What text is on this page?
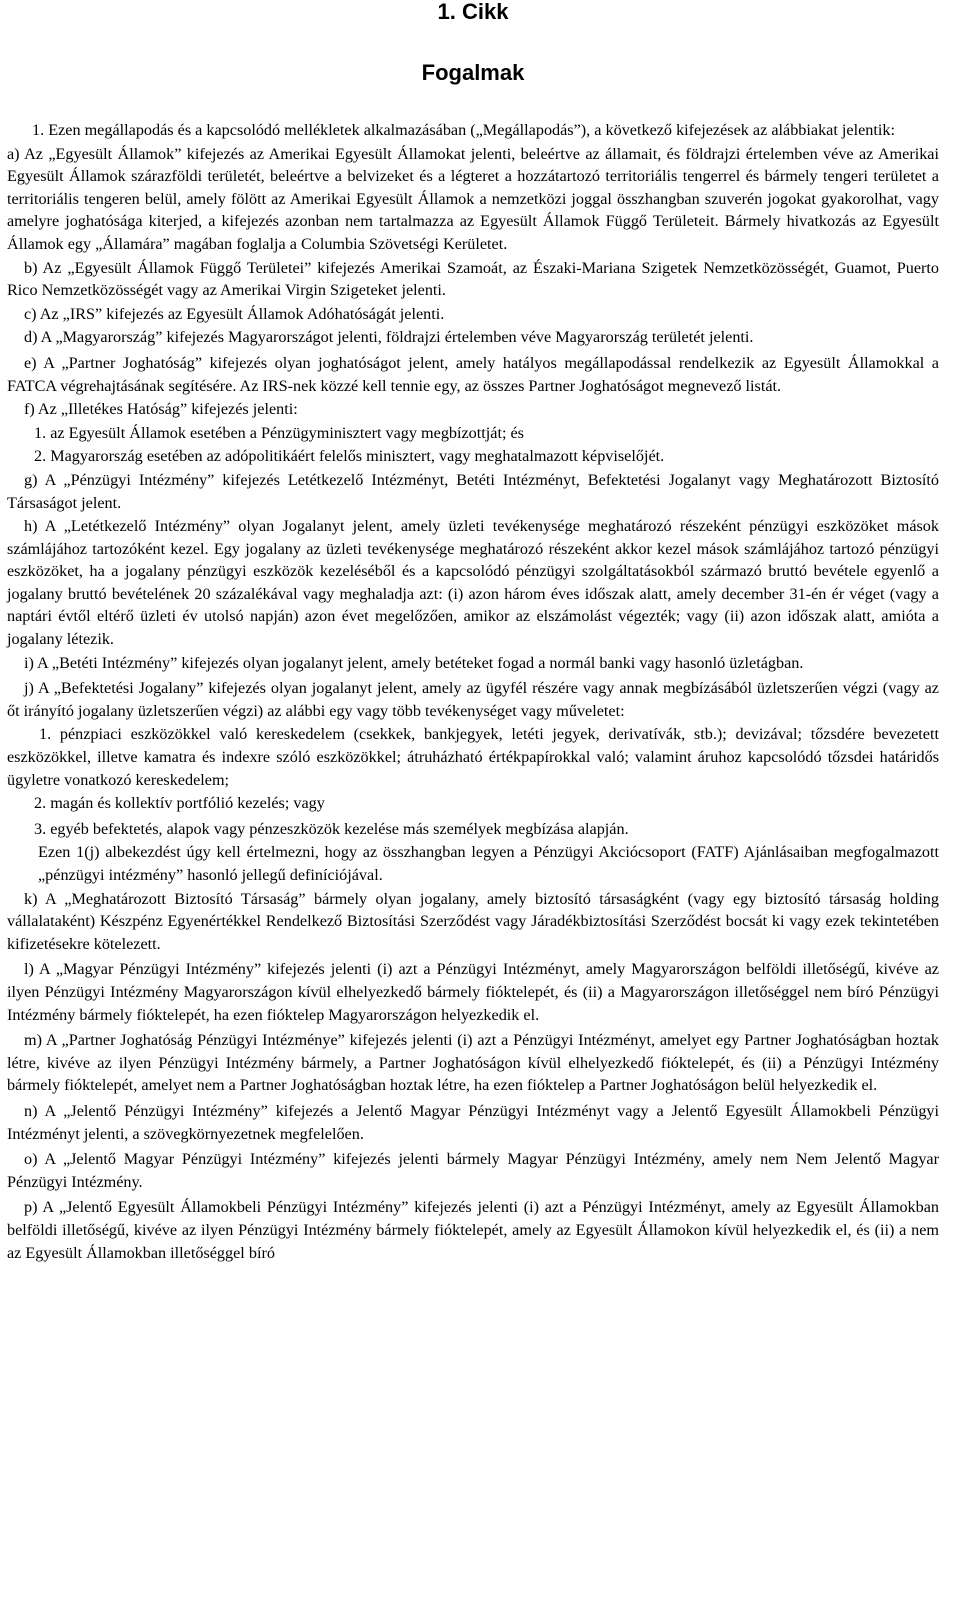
1. Cikk
Fogalmak

1. Ezen megállapodás és a kapcsolódó mellékletek alkalmazásában („Megállapodás”), a következő kifejezések az alábbiakat jelentik:

a) Az „Egyesült Államok” kifejezés az Amerikai Egyesült Államokat jelenti, beleértve az államait, és földrajzi értelemben véve az Amerikai Egyesült Államok szárazföldi területét, beleértve a belvizeket és a légteret a hozzátartozó territoriális tengerrel és bármely tengeri területet a territoriális tengeren belül, amely fölött az Amerikai Egyesült Államok a nemzetközi joggal összhangban szuverén jogokat gyakorolhat, vagy amelyre joghatósága kiterjed, a kifejezés azonban nem tartalmazza az Egyesült Államok Függő Területeit. Bármely hivatkozás az Egyesült Államok egy „Államára” magában foglalja a Columbia Szövetségi Kerületet.

b) Az „Egyesült Államok Függő Területei” kifejezés Amerikai Szamoát, az Északi-Mariana Szigetek Nemzetközösségét, Guamot, Puerto Rico Nemzetközösségét vagy az Amerikai Virgin Szigeteket jelenti.

c) Az „IRS” kifejezés az Egyesült Államok Adóhatóságát jelenti.

d) A „Magyarország” kifejezés Magyarországot jelenti, földrajzi értelemben véve Magyarország területét jelenti.

e) A „Partner Joghatóság” kifejezés olyan joghatóságot jelent, amely hatályos megállapodással rendelkezik az Egyesült Államokkal a FATCA végrehajtásának segítésére. Az IRS-nek közzé kell tennie egy, az összes Partner Joghatóságot megnevező listát.

f) Az „Illetékes Hatóság” kifejezés jelenti:

1. az Egyesült Államok esetében a Pénzügyminisztert vagy megbízottját; és

2. Magyarország esetében az adópolitikáért felelős minisztert, vagy meghatalmazott képviselőjét.

g) A „Pénzügyi Intézmény” kifejezés Letétkezelő Intézményt, Betéti Intézményt, Befektetési Jogalanyt vagy Meghatározott Biztosító Társaságot jelent.

h) A „Letétkezelő Intézmény” olyan Jogalanyt jelent, amely üzleti tevékenysége meghatározó részeként pénzügyi eszközöket mások számlájához tartozóként kezel. Egy jogalany az üzleti tevékenysége meghatározó részeként akkor kezel mások számlájához tartozó pénzügyi eszközöket, ha a jogalany pénzügyi eszközök kezeléséből és a kapcsolódó pénzügyi szolgáltatásokból származó bruttó bevétele egyenlő a jogalany bruttó bevételének 20 százalékával vagy meghaladja azt: (i) azon három éves időszak alatt, amely december 31-én ér véget (vagy a naptári évtől eltérő üzleti év utolsó napján) azon évet megelőzően, amikor az elszámolást végezték; vagy (ii) azon időszak alatt, amióta a jogalany létezik.

i) A „Betéti Intézmény” kifejezés olyan jogalanyt jelent, amely betéteket fogad a normál banki vagy hasonló üzletágban.

j) A „Befektetési Jogalany” kifejezés olyan jogalanyt jelent, amely az ügyfél részére vagy annak megbízásából üzletszerűen végzi (vagy az őt irányító jogalany üzletszerűen végzi) az alábbi egy vagy több tevékenységet vagy műveletet:

1. pénzpiaci eszközökkel való kereskedelem (csekkek, bankjegyek, letéti jegyek, derivatívák, stb.); devizával; tőzsdére bevezetett eszközökkel, illetve kamatra és indexre szóló eszközökkel; átruházható értékpapírokkal való; valamint áruhoz kapcsolódó tőzsdei határidős ügyletre vonatkozó kereskedelem;

2. magán és kollektív portfólió kezelés; vagy

3. egyéb befektetés, alapok vagy pénzeszközök kezelése más személyek megbízása alapján.

Ezen 1(j) albekezdést úgy kell értelmezni, hogy az összhangban legyen a Pénzügyi Akciócsoport (FATF) Ajánlásaiban megfogalmazott „pénzügyi intézmény” hasonló jellegű definíciójával.

k) A „Meghatározott Biztosító Társaság” bármely olyan jogalany, amely biztosító társaságként (vagy egy biztosító társaság holding vállalataként) Készpénz Egyenértékkel Rendelkező Biztosítási Szerződést vagy Járadékbiztosítási Szerződést bocsát ki vagy ezek tekintetében kifizetésekre kötelezett.

l) A „Magyar Pénzügyi Intézmény” kifejezés jelenti (i) azt a Pénzügyi Intézményt, amely Magyarországon belföldi illetőségű, kivéve az ilyen Pénzügyi Intézmény Magyarországon kívül elhelyezkedő bármely fióktelepét, és (ii) a Magyarországon illetőséggel nem bíró Pénzügyi Intézmény bármely fióktelepét, ha ezen fióktelep Magyarországon helyezkedik el.

m) A „Partner Joghatóság Pénzügyi Intézménye” kifejezés jelenti (i) azt a Pénzügyi Intézményt, amelyet egy Partner Joghatóságban hoztak létre, kivéve az ilyen Pénzügyi Intézmény bármely, a Partner Joghatóságon kívül elhelyezkedő fióktelepét, és (ii) a Pénzügyi Intézmény bármely fióktelepét, amelyet nem a Partner Joghatóságban hoztak létre, ha ezen fióktelep a Partner Joghatóságon belül helyezkedik el.

n) A „Jelentő Pénzügyi Intézmény” kifejezés a Jelentő Magyar Pénzügyi Intézményt vagy a Jelentő Egyesült Államokbeli Pénzügyi Intézményt jelenti, a szövegkörnyezetnek megfelelően.

o) A „Jelentő Magyar Pénzügyi Intézmény” kifejezés jelenti bármely Magyar Pénzügyi Intézmény, amely nem Nem Jelentő Magyar Pénzügyi Intézmény.

p) A „Jelentő Egyesült Államokbeli Pénzügyi Intézmény” kifejezés jelenti (i) azt a Pénzügyi Intézményt, amely az Egyesült Államokban belföldi illetőségű, kivéve az ilyen Pénzügyi Intézmény bármely fióktelepét, amely az Egyesült Államokon kívül helyezkedik el, és (ii) a nem az Egyesült Államokban illetőséggel bíró
